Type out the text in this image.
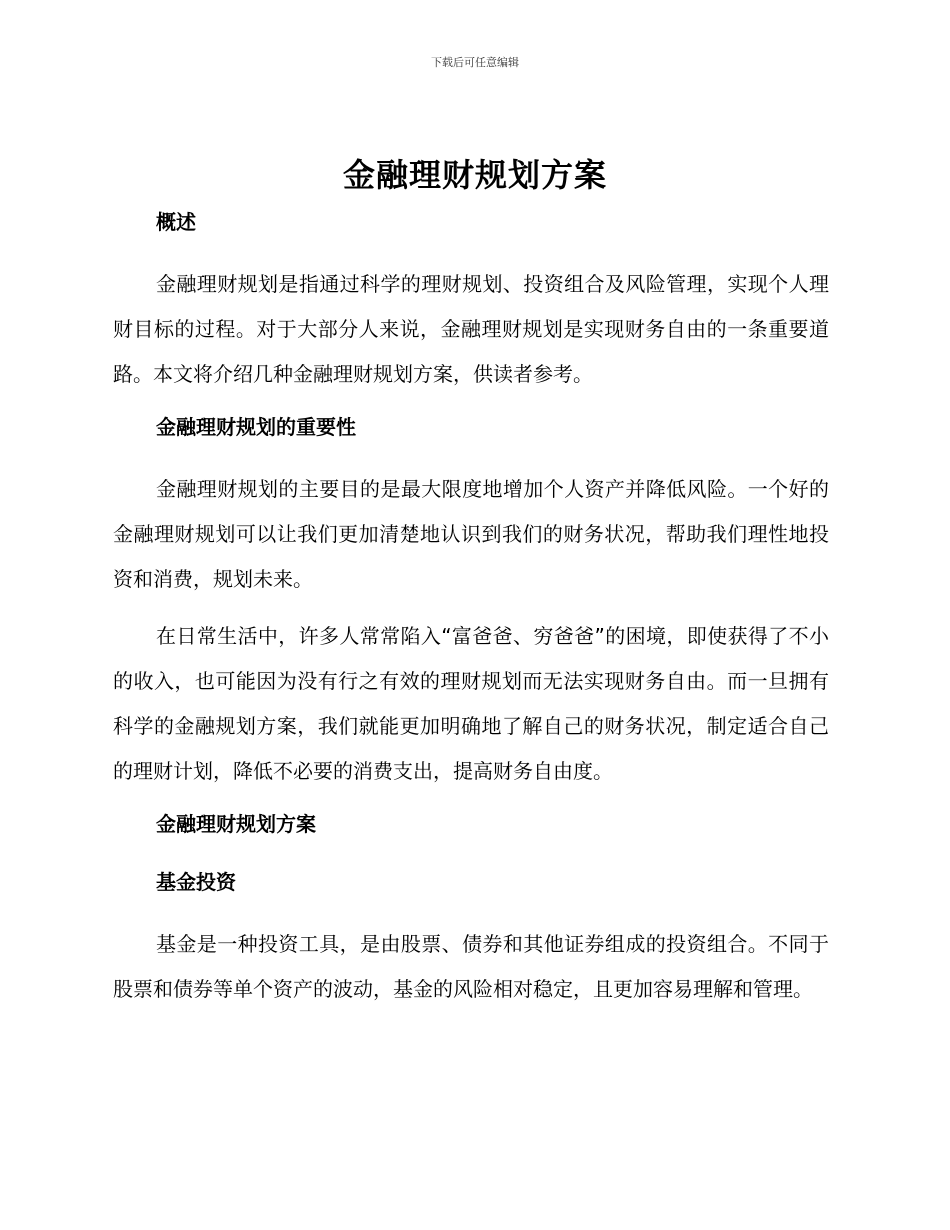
下载后可任意编辑
金融理财规划方案
概述

金融理财规划是指通过科学的理财规划、投资组合及风险管理，实现个人理财目标的过程。对于大部分人来说，金融理财规划是实现财务自由的一条重要道路。本文将介绍几种金融理财规划方案，供读者参考。

金融理财规划的重要性

金融理财规划的主要目的是最大限度地增加个人资产并降低风险。一个好的金融理财规划可以让我们更加清楚地认识到我们的财务状况，帮助我们理性地投资和消费，规划未来。

在日常生活中，许多人常常陷入“富爸爸、穷爸爸”的困境，即使获得了不小的收入，也可能因为没有行之有效的理财规划而无法实现财务自由。而一旦拥有科学的金融规划方案，我们就能更加明确地了解自己的财务状况，制定适合自己的理财计划，降低不必要的消费支出，提高财务自由度。

金融理财规划方案
基金投资

基金是一种投资工具，是由股票、债券和其他证券组成的投资组合。不同于股票和债券等单个资产的波动，基金的风险相对稳定，且更加容易理解和管理。
